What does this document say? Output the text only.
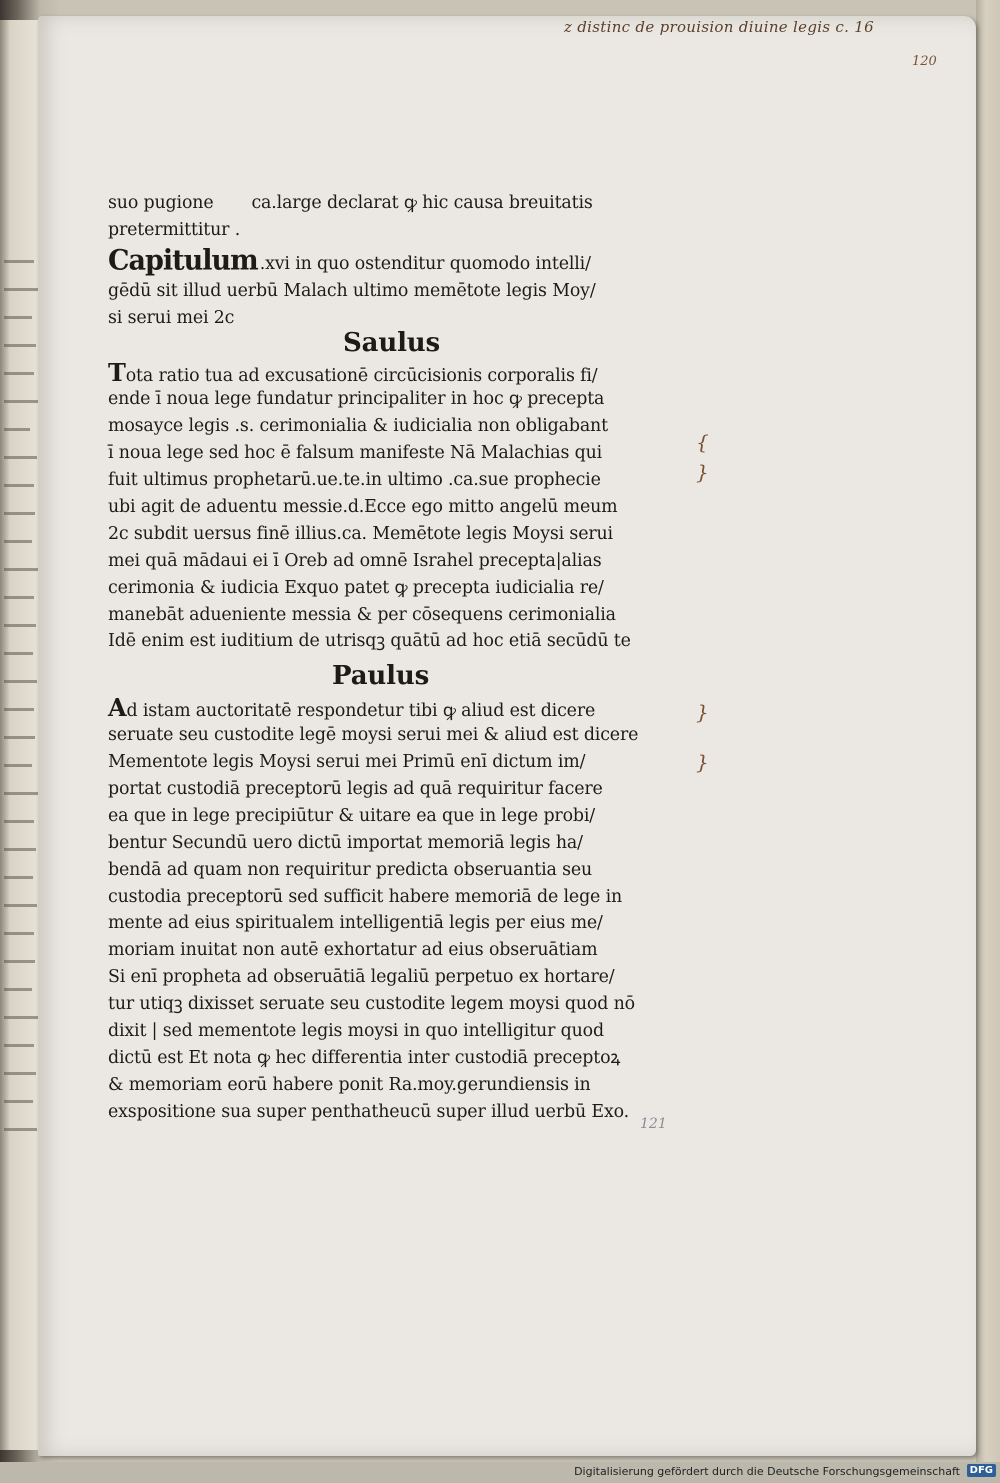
z distinc de prouision diuine legis c. 16
120
suo pugione ca.large declarat ꝙ hic causa breuitatis
pretermittitur .
Capitulum .xvi in quo ostenditur quomodo intelli/
gēdū sit illud uerbū Malach ultimo memētote legis Moy/
si serui mei 2c
Saulus
Tota ratio tua ad excusationē circūcisionis corporalis fi/
ende ī noua lege fundatur principaliter in hoc ꝙ precepta
mosayce legis .s. cerimonialia & iudicialia non obligabant
ī noua lege sed hoc ē falsum manifeste Nā Malachias qui
fuit ultimus prophetarū.ue.te.in ultimo .ca.sue prophecie
ubi agit de aduentu messie.d.Ecce ego mitto angelū meum
2c subdit uersus finē illius.ca. Memētote legis Moysi serui
mei quā mādaui ei ī Oreb ad omnē Israhel precepta|alias
cerimonia & iudicia Exquo patet ꝙ precepta iudicialia re/
manebāt adueniente messia & per cōsequens cerimonialia
Idē enim est iuditium de utrisqꝫ quātū ad hoc etiā secūdū te
Paulus
Ad istam auctoritatē respondetur tibi ꝙ aliud est dicere
seruate seu custodite legē moysi serui mei & aliud est dicere
Mementote legis Moysi serui mei Primū enī dictum im/
portat custodiā preceptorū legis ad quā requiritur facere
ea que in lege precipiūtur & uitare ea que in lege probi/
bentur Secundū uero dictū importat memoriā legis ha/
bendā ad quam non requiritur predicta obseruantia seu
custodia preceptorū sed sufficit habere memoriā de lege in
mente ad eius spiritualem intelligentiā legis per eius me/
moriam inuitat non autē exhortatur ad eius obseruātiam
Si enī propheta ad obseruātiā legaliū perpetuo ex hortare/
tur utiqꝫ dixisset seruate seu custodite legem moysi quod nō
dixit | sed mementote legis moysi in quo intelligitur quod
dictū est Et nota ꝙ hec differentia inter custodiā preceptoꝝ
& memoriam eorū habere ponit Ra.moy.gerundiensis in
exspositione sua super penthatheucū super illud uerbū Exo.
{
}
}
}
121
Digitalisierung gefördert durch die Deutsche Forschungsgemeinschaft DFG
